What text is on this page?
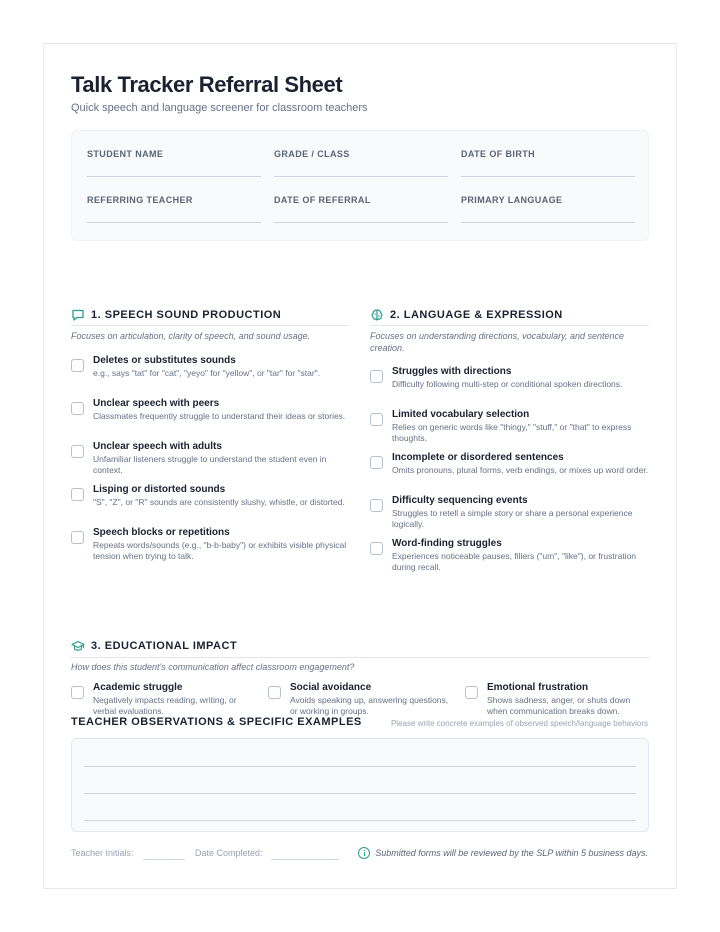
Talk Tracker Referral Sheet
Quick speech and language screener for classroom teachers
STUDENT NAME	GRADE / CLASS	DATE OF BIRTH
REFERRING TEACHER	DATE OF REFERRAL	PRIMARY LANGUAGE
1. SPEECH SOUND PRODUCTION
Focuses on articulation, clarity of speech, and sound usage.
Deletes or substitutes sounds
e.g., says "tat" for "cat", "yeyo" for "yellow", or "tar" for "star".
Unclear speech with peers
Classmates frequently struggle to understand their ideas or stories.
Unclear speech with adults
Unfamiliar listeners struggle to understand the student even in context.
Lisping or distorted sounds
"S", "Z", or "R" sounds are consistently slushy, whistle, or distorted.
Speech blocks or repetitions
Repeats words/sounds (e.g., "b-b-baby") or exhibits visible physical tension when trying to talk.
2. LANGUAGE & EXPRESSION
Focuses on understanding directions, vocabulary, and sentence creation.
Struggles with directions
Difficulty following multi-step or conditional spoken directions.
Limited vocabulary selection
Relies on generic words like "thingy," "stuff," or "that" to express thoughts.
Incomplete or disordered sentences
Omits pronouns, plural forms, verb endings, or mixes up word order.
Difficulty sequencing events
Struggles to retell a simple story or share a personal experience logically.
Word-finding struggles
Experiences noticeable pauses, fillers ("um", "like"), or frustration during recall.
3. EDUCATIONAL IMPACT
How does this student's communication affect classroom engagement?
Academic struggle
Negatively impacts reading, writing, or verbal evaluations.
Social avoidance
Avoids speaking up, answering questions, or working in groups.
Emotional frustration
Shows sadness, anger, or shuts down when communication breaks down.
TEACHER OBSERVATIONS & SPECIFIC EXAMPLES	Please write concrete examples of observed speech/language behaviors
Teacher Initials:	Date Completed:	Submitted forms will be reviewed by the SLP within 5 business days.
